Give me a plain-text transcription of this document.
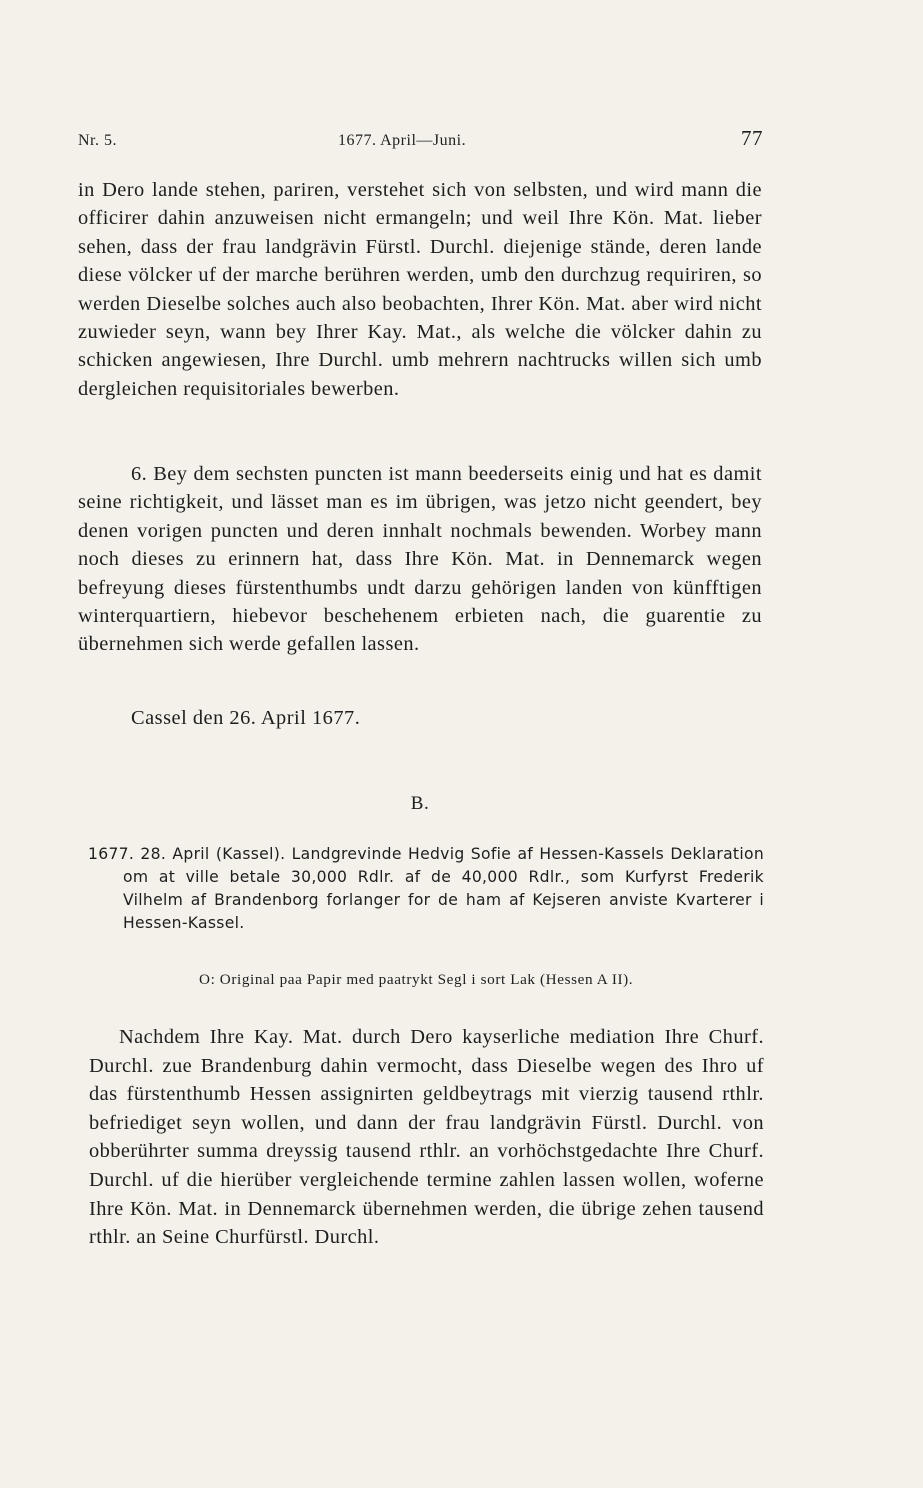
Nr. 5.	1677. April—Juni.	77

in Dero lande stehen, pariren, verstehet sich von selbsten, und wird mann die officirer dahin anzuweisen nicht ermangeln; und weil Ihre Kön. Mat. lieber sehen, dass der frau landgrävin Fürstl. Durchl. diejenige stände, deren lande diese völcker uf der marche berühren werden, umb den durchzug requiriren, so werden Dieselbe solches auch also beobachten, Ihrer Kön. Mat. aber wird nicht zuwieder seyn, wann bey Ihrer Kay. Mat., als welche die völcker dahin zu schicken angewiesen, Ihre Durchl. umb mehrern nachtrucks willen sich umb dergleichen requisitoriales bewerben.

6. Bey dem sechsten puncten ist mann beederseits einig und hat es damit seine richtigkeit, und lässet man es im übrigen, was jetzo nicht geendert, bey denen vorigen puncten und deren innhalt nochmals bewenden. Worbey mann noch dieses zu erinnern hat, dass Ihre Kön. Mat. in Dennemarck wegen befreyung dieses fürstenthumbs undt darzu gehörigen landen von künfftigen winterquartiern, hiebevor beschehenem erbieten nach, die guarentie zu übernehmen sich werde gefallen lassen.

Cassel den 26. April 1677.
B.

1677. 28. April (Kassel). Landgrevinde Hedvig Sofie af Hessen-Kassels Deklaration om at ville betale 30,000 Rdlr. af de 40,000 Rdlr., som Kurfyrst Frederik Vilhelm af Brandenborg forlanger for de ham af Kejseren anviste Kvarterer i Hessen-Kassel.

O: Original paa Papir med paatrykt Segl i sort Lak (Hessen A II).

Nachdem Ihre Kay. Mat. durch Dero kayserliche mediation Ihre Churf. Durchl. zue Brandenburg dahin vermocht, dass Dieselbe wegen des Ihro uf das fürstenthumb Hessen assignirten geldbeytrags mit vierzig tausend rthlr. befriediget seyn wollen, und dann der frau landgrävin Fürstl. Durchl. von obberührter summa dreyssig tausend rthlr. an vorhöchstgedachte Ihre Churf. Durchl. uf die hierüber vergleichende termine zahlen lassen wollen, woferne Ihre Kön. Mat. in Dennemarck übernehmen werden, die übrige zehen tausend rthlr. an Seine Churfürstl. Durchl.
